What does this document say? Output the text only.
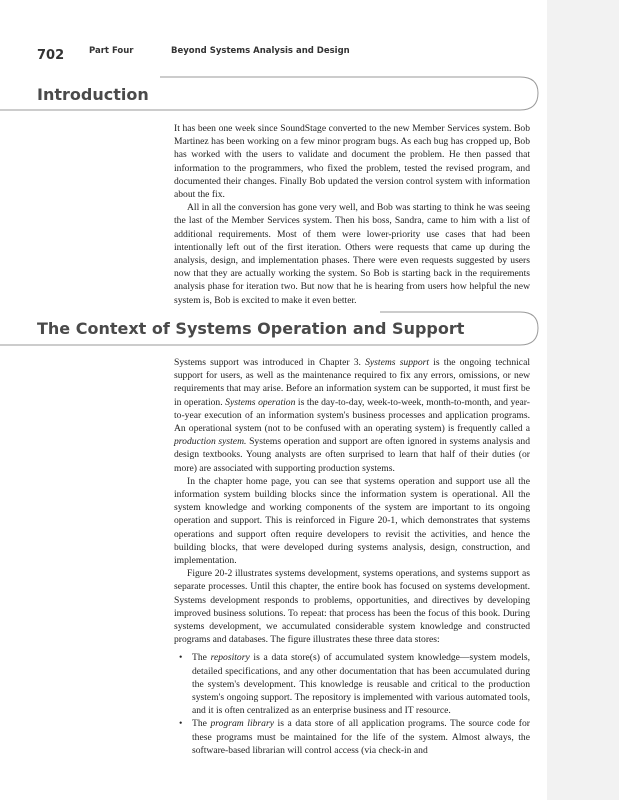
702	Part Four	Beyond Systems Analysis and Design
Introduction

It has been one week since SoundStage converted to the new Member Services system. Bob Martinez has been working on a few minor program bugs. As each bug has cropped up, Bob has worked with the users to validate and document the problem. He then passed that information to the programmers, who fixed the problem, tested the revised program, and documented their changes. Finally Bob updated the version control system with information about the fix.

All in all the conversion has gone very well, and Bob was starting to think he was seeing the last of the Member Services system. Then his boss, Sandra, came to him with a list of additional requirements. Most of them were lower-priority use cases that had been intentionally left out of the first iteration. Others were requests that came up during the analysis, design, and implementation phases. There were even requests suggested by users now that they are actually working the system. So Bob is starting back in the requirements analysis phase for iteration two. But now that he is hearing from users how helpful the new system is, Bob is excited to make it even better.

The Context of Systems Operation and Support

Systems support was introduced in Chapter 3. Systems support is the ongoing technical support for users, as well as the maintenance required to fix any errors, omissions, or new requirements that may arise. Before an information system can be supported, it must first be in operation. Systems operation is the day-to-day, week-to-week, month-to-month, and year-to-year execution of an information system's business processes and application programs. An operational system (not to be confused with an operating system) is frequently called a production system. Systems operation and support are often ignored in systems analysis and design textbooks. Young analysts are often surprised to learn that half of their duties (or more) are associated with supporting production systems.

In the chapter home page, you can see that systems operation and support use all the information system building blocks since the information system is operational. All the system knowledge and working components of the system are important to its ongoing operation and support. This is reinforced in Figure 20-1, which demonstrates that systems operations and support often require developers to revisit the activities, and hence the building blocks, that were developed during systems analysis, design, construction, and implementation.

Figure 20-2 illustrates systems development, systems operations, and systems support as separate processes. Until this chapter, the entire book has focused on systems development. Systems development responds to problems, opportunities, and directives by developing improved business solutions. To repeat: that process has been the focus of this book. During systems development, we accumulated considerable system knowledge and constructed programs and databases. The figure illustrates these three data stores:

• The repository is a data store(s) of accumulated system knowledge—system models, detailed specifications, and any other documentation that has been accumulated during the system's development. This knowledge is reusable and critical to the production system's ongoing support. The repository is implemented with various automated tools, and it is often centralized as an enterprise business and IT resource.
• The program library is a data store of all application programs. The source code for these programs must be maintained for the life of the system. Almost always, the software-based librarian will control access (via check-in and
